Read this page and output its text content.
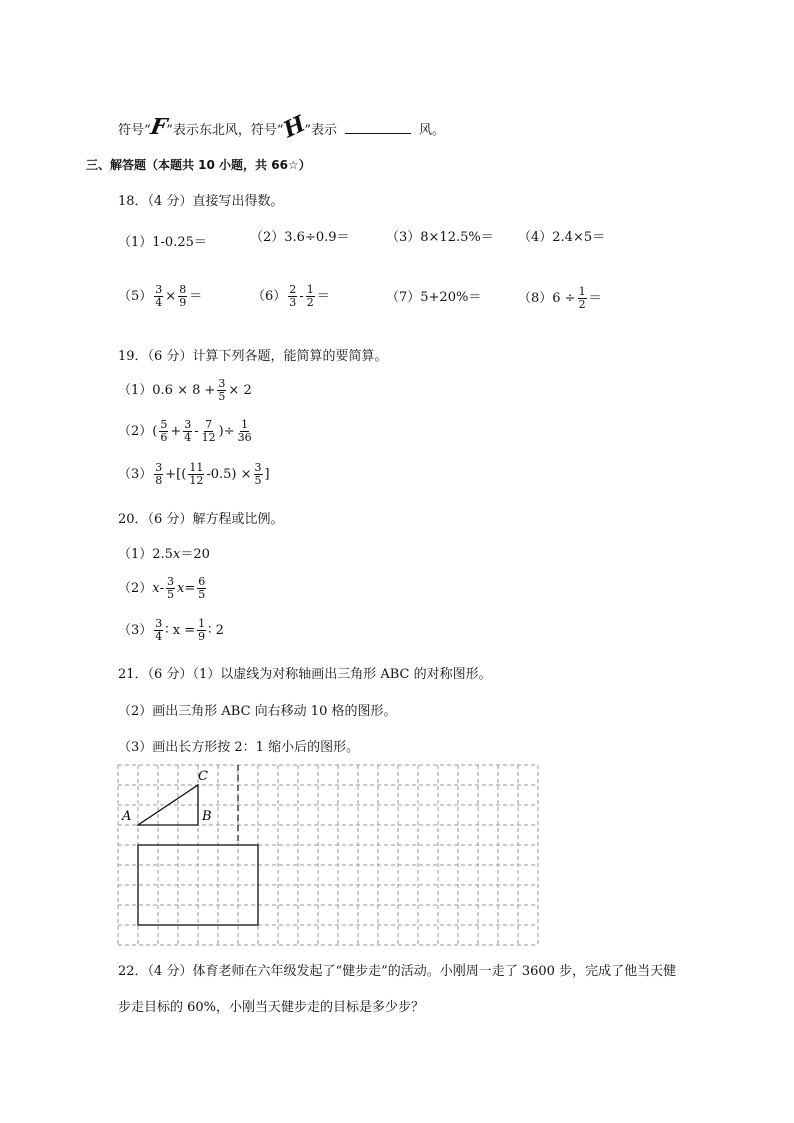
符号“F”表示东北风，符号“H”表示	风。
三、解答题（本题共 10 小题，共 66☆）
18．（4 分）直接写出得数。
（1）1-0.25＝	（2）3.6÷0.9＝	（3）8×12.5%＝ （4）2.4×5＝
$(5) \frac{3}{4} \times \frac{8}{9}$ ＝	$(6) \frac{2}{3} - \frac{1}{2}$ ＝	（7）5+20%＝	$(8)6 \div \frac{1}{2}$ ＝
19．（6 分）计算下列各题，能简算的要简算。
$(1)0.6 \times 8 + \frac{3}{5} \times 2$
$(2)( \frac{5}{6} + \frac{3}{4} - \frac{7}{12}$ )÷ $\frac{1}{36}$
$(3) \frac{3}{8}$ +[( $\frac{11}{12} -0.5) \times \frac{3}{5}$ ]
20．（6 分）解方程或比例。
（1）2.5x＝20
$(2)x- \frac{3}{5} x= \frac{6}{5}$
$(3) \frac{3}{4}$ ∶ $x = \frac{1}{9}$ ∶ 2
21．（6 分）（1）以虚线为对称轴画出三角形 ABC 的对称图形。
（2）画出三角形 ABC 向右移动 10 格的图形。
（3）画出长方形按 2：1 缩小后的图形。
A	B
C
22．（4 分）体育老师在六年级发起了“健步走”的活动。小刚周一走了 3600 步，完成了他当天健
步走目标的 60%，小刚当天健步走的目标是多少步？
